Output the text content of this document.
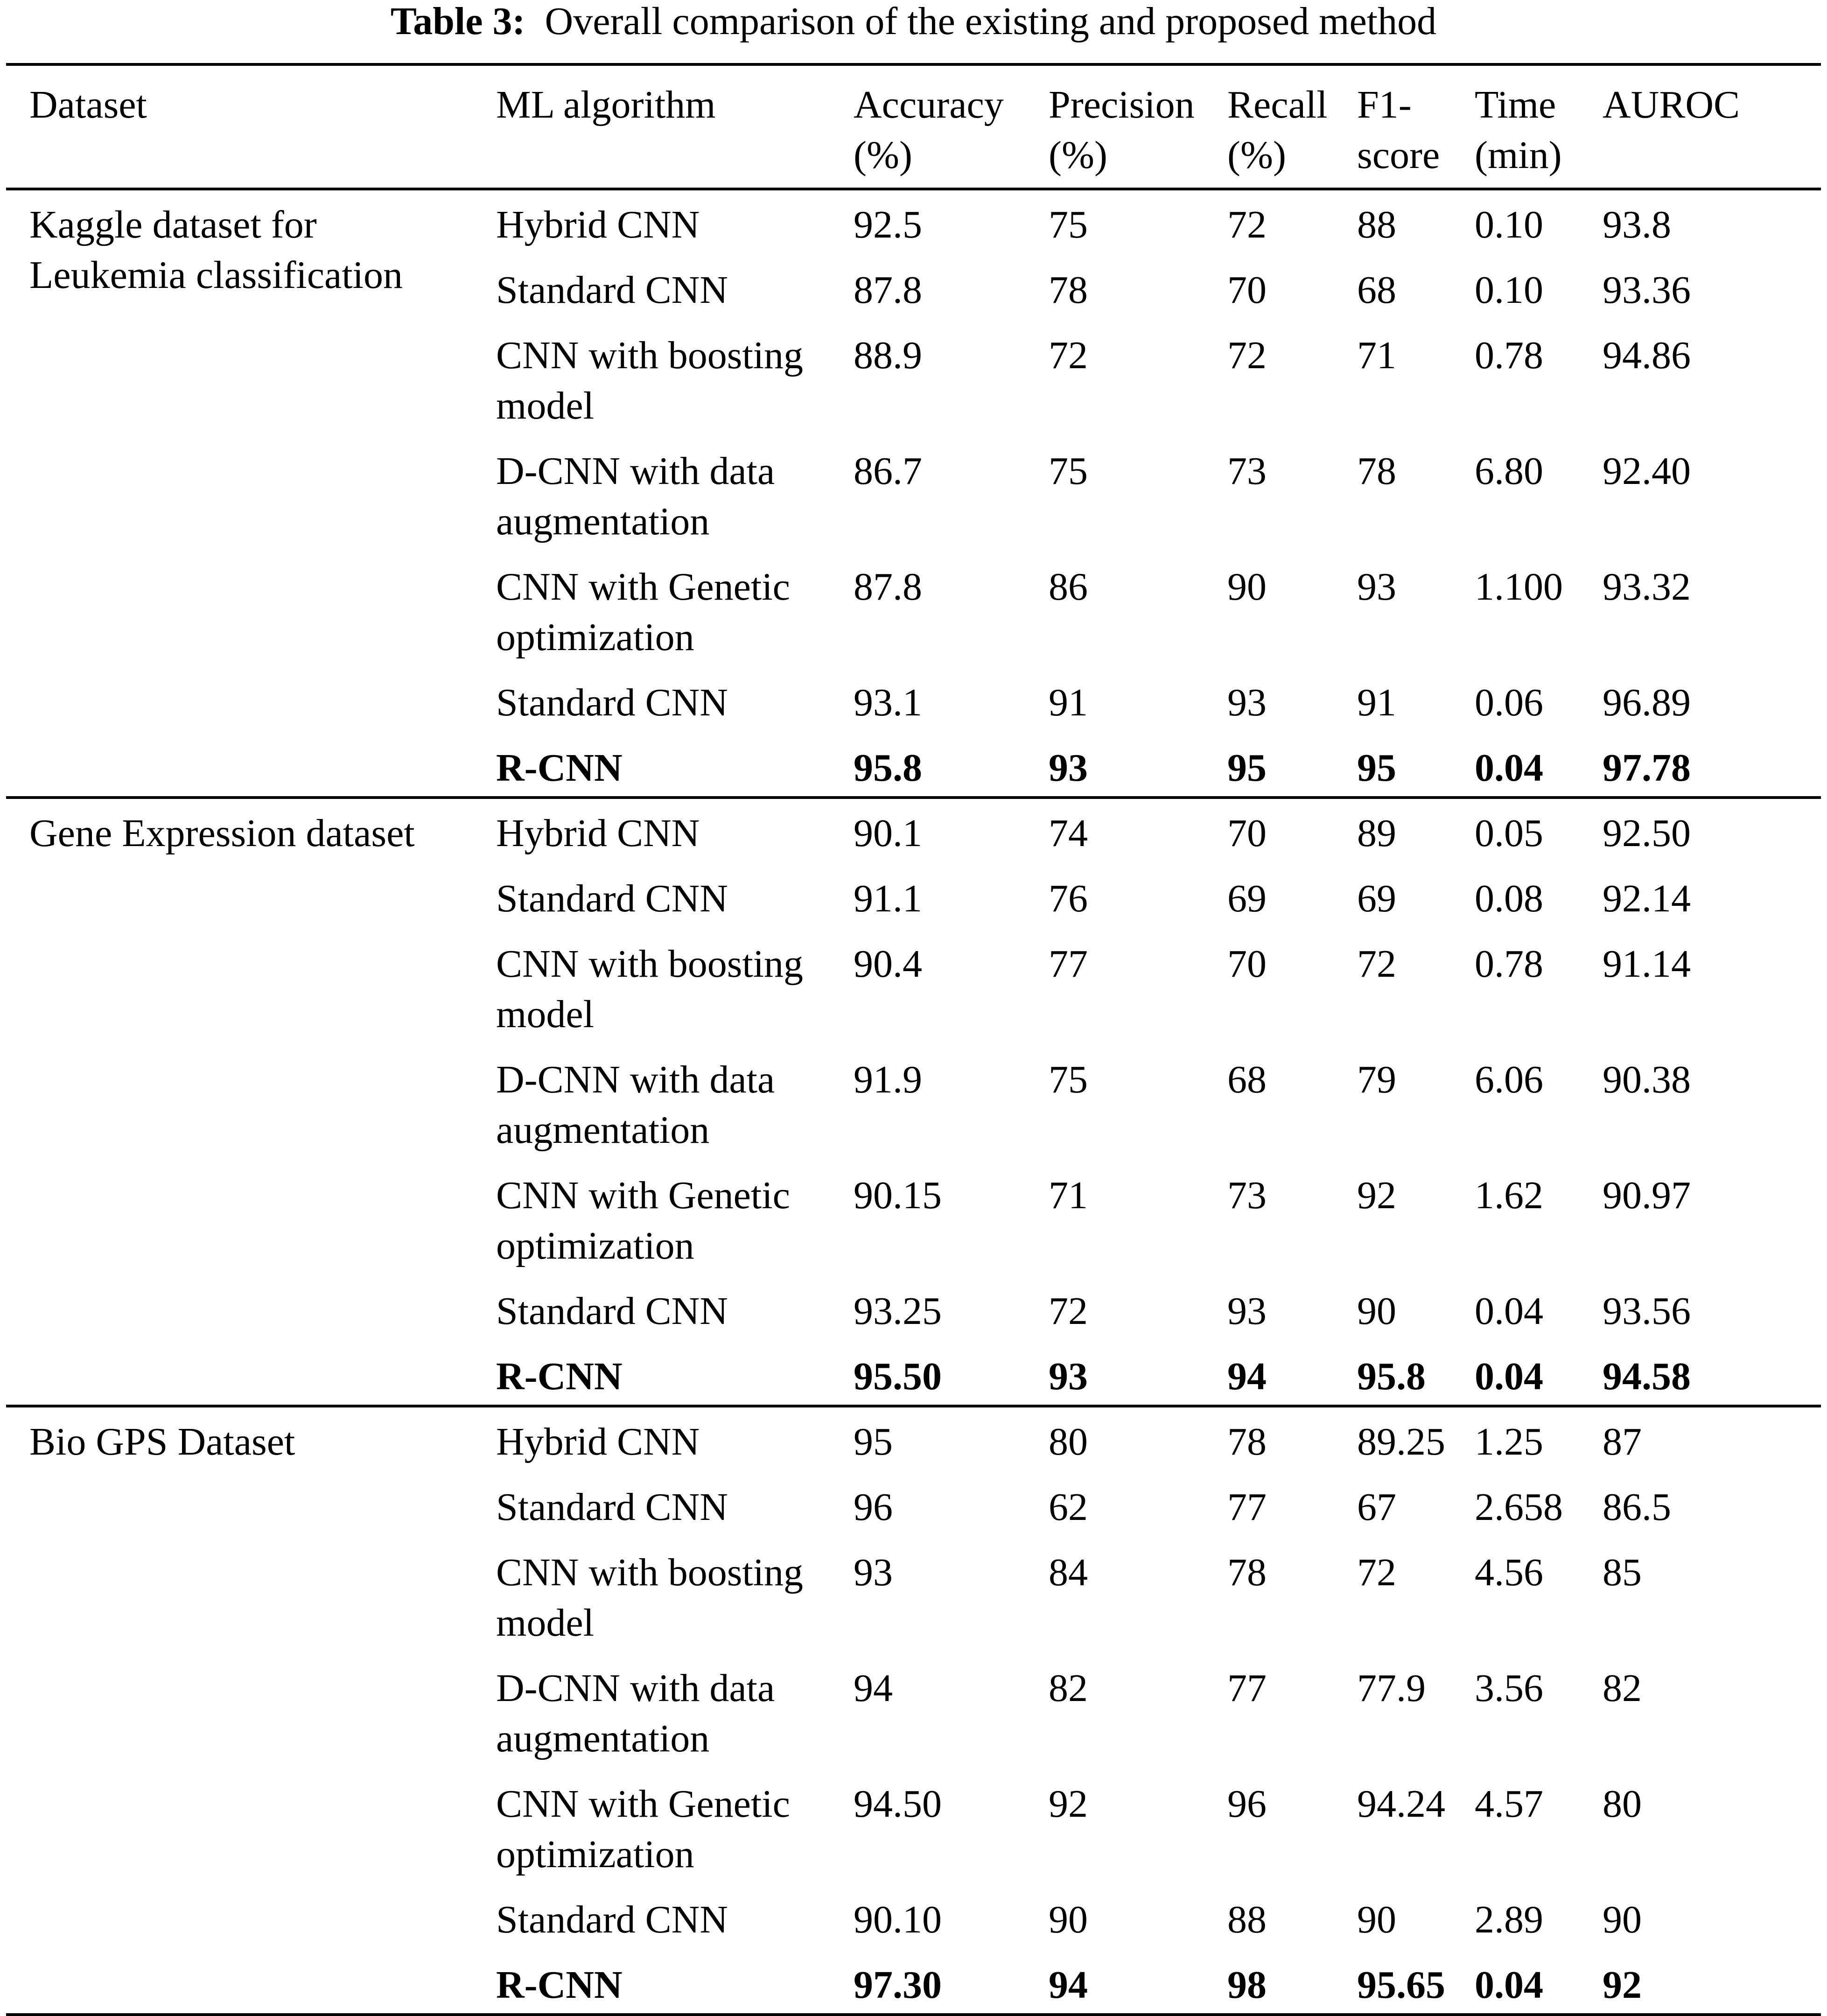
Table 3: Overall comparison of the existing and proposed method
Dataset	ML algorithm	Accuracy (%)	Precision (%)	Recall (%)	F1-score	Time (min)	AUROC
Kaggle dataset for Leukemia classification	Hybrid CNN	92.5	75	72	88	0.10	93.8
	Standard CNN	87.8	78	70	68	0.10	93.36
	CNN with boosting model	88.9	72	72	71	0.78	94.86
	D-CNN with data augmentation	86.7	75	73	78	6.80	92.40
	CNN with Genetic optimization	87.8	86	90	93	1.100	93.32
	Standard CNN	93.1	91	93	91	0.06	96.89
	R-CNN	95.8	93	95	95	0.04	97.78
Gene Expression dataset	Hybrid CNN	90.1	74	70	89	0.05	92.50
	Standard CNN	91.1	76	69	69	0.08	92.14
	CNN with boosting model	90.4	77	70	72	0.78	91.14
	D-CNN with data augmentation	91.9	75	68	79	6.06	90.38
	CNN with Genetic optimization	90.15	71	73	92	1.62	90.97
	Standard CNN	93.25	72	93	90	0.04	93.56
	R-CNN	95.50	93	94	95.8	0.04	94.58
Bio GPS Dataset	Hybrid CNN	95	80	78	89.25	1.25	87
	Standard CNN	96	62	77	67	2.658	86.5
	CNN with boosting model	93	84	78	72	4.56	85
	D-CNN with data augmentation	94	82	77	77.9	3.56	82
	CNN with Genetic optimization	94.50	92	96	94.24	4.57	80
	Standard CNN	90.10	90	88	90	2.89	90
	R-CNN	97.30	94	98	95.65	0.04	92
